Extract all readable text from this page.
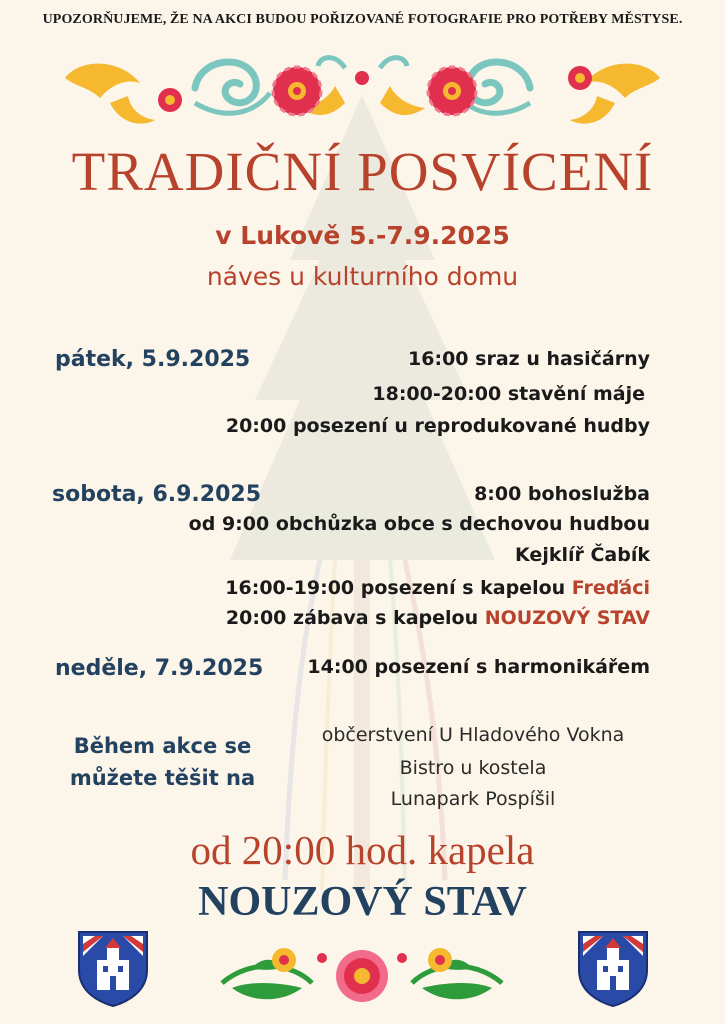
UPOZORŇUJEME, ŽE NA AKCI BUDOU POŘIZOVANÉ FOTOGRAFIE PRO POTŘEBY MĚSTYSE.
TRADIČNÍ POSVÍCENÍ
v Lukově 5.-7.9.2025
náves u kulturního domu
pátek, 5.9.2025	16:00 sraz u hasičárny
18:00-20:00 stavění máje
20:00 posezení u reprodukované hudby
sobota, 6.9.2025	8:00 bohoslužba
od 9:00 obchůzka obce s dechovou hudbou
Kejklíř Čabík
16:00-19:00 posezení s kapelou Freďáci
20:00 zábava s kapelou NOUZOVÝ STAV
neděle, 7.9.2025 14:00 posezení s harmonikářem
Během akce se
můžete těšit na
občerstvení U Hladového Vokna
Bistro u kostela
Lunapark Pospíšil
od 20:00 hod. kapela
NOUZOVÝ STAV
